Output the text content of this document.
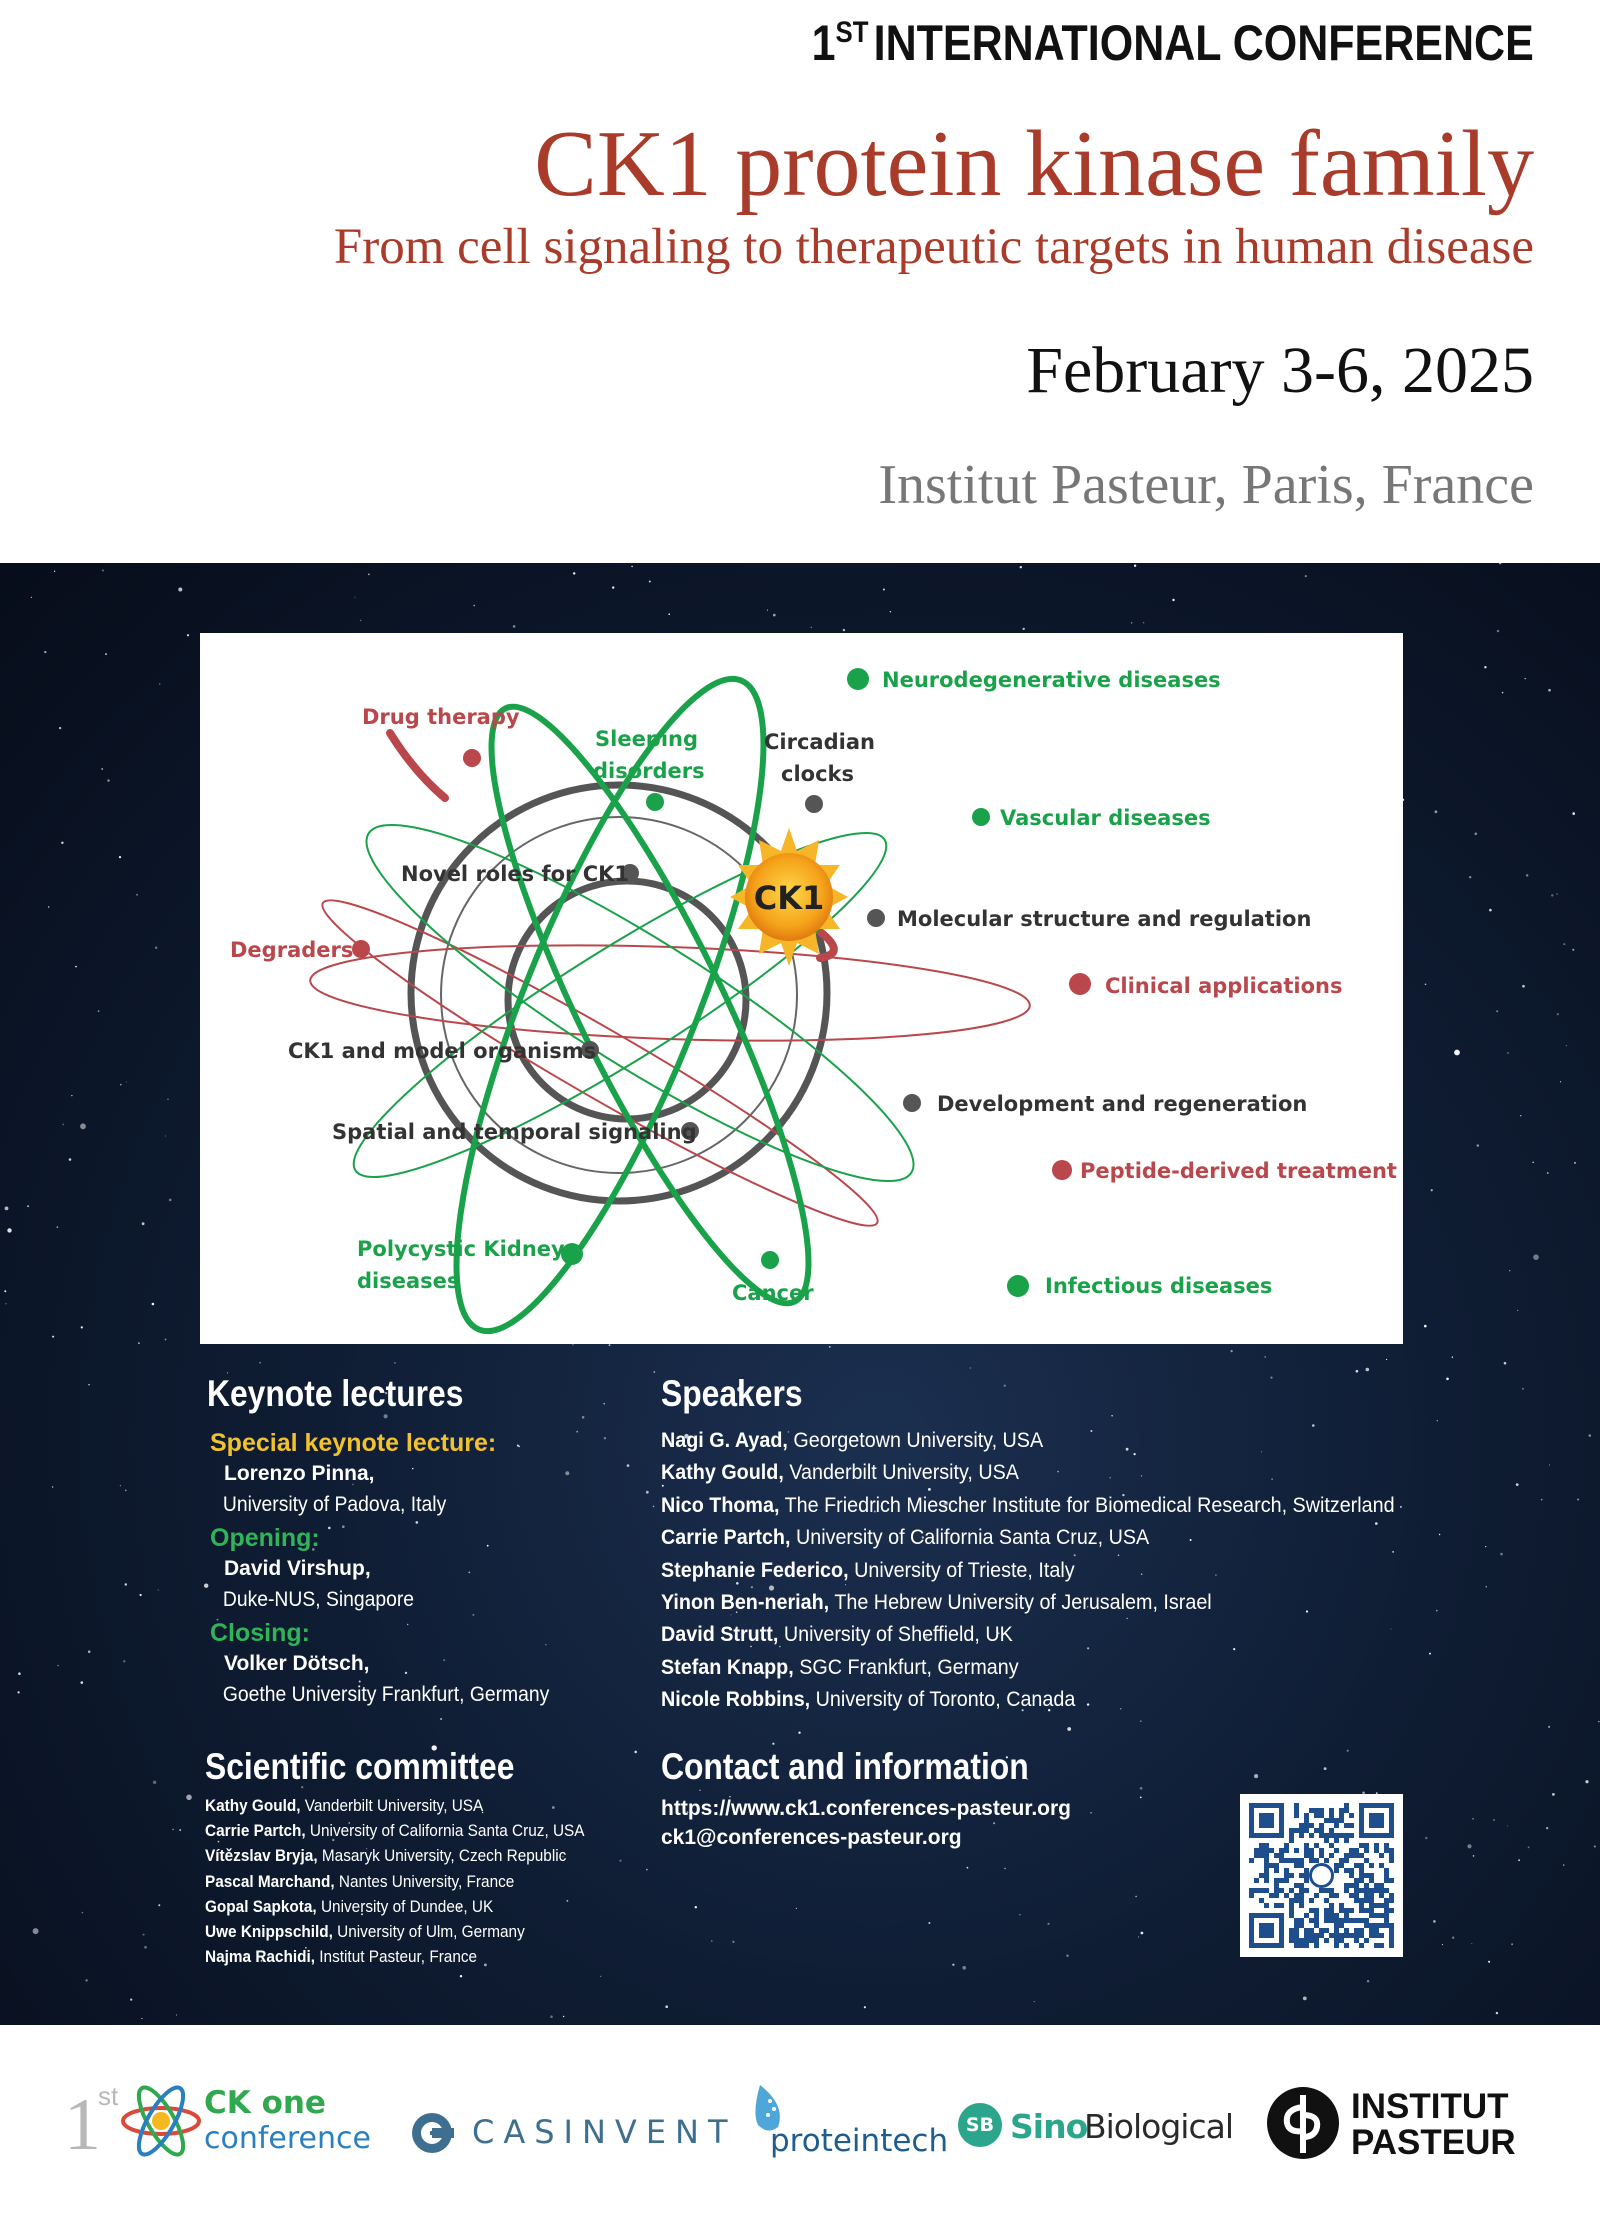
1ST INTERNATIONAL CONFERENCE
CK1 protein kinase family
From cell signaling to therapeutic targets in human disease
February 3-6, 2025
Institut Pasteur, Paris, France
CK1
Neurodegenerative diseases
Drug therapy
Sleeping
disorders
Circadian
clocks
Vascular diseases
Novel roles for CK1
Molecular structure and regulation
Degraders
Clinical applications
CK1 and model organisms
Development and regeneration
Spatial and temporal signaling
Peptide-derived treatment
Polycystic Kidney
diseases	Cancer	Infectious diseases
Keynote lectures
Special keynote lecture:
Lorenzo Pinna,
University of Padova, Italy
Opening:
David Virshup,
Duke-NUS, Singapore
Closing:
Volker Dötsch,
Goethe University Frankfurt, Germany
Speakers
Nagi G. Ayad, Georgetown University, USA
Kathy Gould, Vanderbilt University, USA
Nico Thoma, The Friedrich Miescher Institute for Biomedical Research, Switzerland
Carrie Partch, University of California Santa Cruz, USA
Stephanie Federico, University of Trieste, Italy
Yinon Ben-neriah, The Hebrew University of Jerusalem, Israel
David Strutt, University of Sheffield, UK
Stefan Knapp, SGC Frankfurt, Germany
Nicole Robbins, University of Toronto, Canada
Scientific committee
Kathy Gould, Vanderbilt University, USA
Carrie Partch, University of California Santa Cruz, USA
Vítězslav Bryja, Masaryk University, Czech Republic
Pascal Marchand, Nantes University, France
Gopal Sapkota, University of Dundee, UK
Uwe Knippschild, University of Ulm, Germany
Najma Rachidi, Institut Pasteur, France
Contact and information
https://www.ck1.conferences-pasteur.org
ck1@conferences-pasteur.org
1
st	CK one
conference	CASINVENT proteintech SB Sino
Biological
INSTITUT
PASTEUR
